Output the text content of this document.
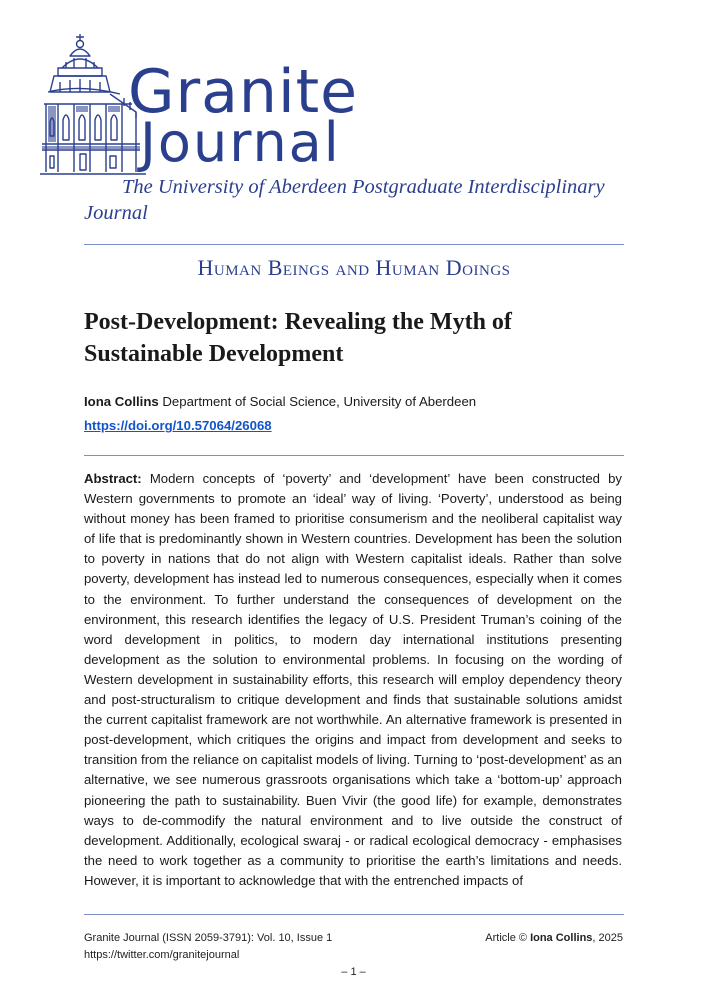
Granite
Journal
The University of Aberdeen Postgraduate Interdisciplinary Journal
Human Beings and Human Doings
Post-Development: Revealing the Myth of Sustainable Development
Iona Collins Department of Social Science, University of Aberdeen
https://doi.org/10.57064/26068
Abstract: Modern concepts of ‘poverty’ and ‘development’ have been constructed by Western governments to promote an ‘ideal’ way of living. ‘Poverty’, understood as being without money has been framed to prioritise consumerism and the neoliberal capitalist way of life that is predominantly shown in Western countries. Development has been the solution to poverty in nations that do not align with Western capitalist ideals. Rather than solve poverty, development has instead led to numerous consequences, especially when it comes to the environment. To further understand the consequences of development on the environment, this research identifies the legacy of U.S. President Truman’s coining of the word development in politics, to modern day international institutions presenting development as the solution to environmental problems. In focusing on the wording of Western development in sustainability efforts, this research will employ dependency theory and post-structuralism to critique development and finds that sustainable solutions amidst the current capitalist framework are not worthwhile. An alternative framework is presented in post-development, which critiques the origins and impact from development and seeks to transition from the reliance on capitalist models of living. Turning to ‘post-development’ as an alternative, we see numerous grassroots organisations which take a ‘bottom-up’ approach pioneering the path to sustainability. Buen Vivir (the good life) for example, demonstrates ways to de-commodify the natural environment and to live outside the construct of development. Additionally, ecological swaraj - or radical ecological democracy - emphasises the need to work together as a community to prioritise the earth’s limitations and needs. However, it is important to acknowledge that with the entrenched impacts of
Granite Journal (ISSN 2059-3791): Vol. 10, Issue 1
https://twitter.com/granitejournal
Article © Iona Collins, 2025
– 1 –
